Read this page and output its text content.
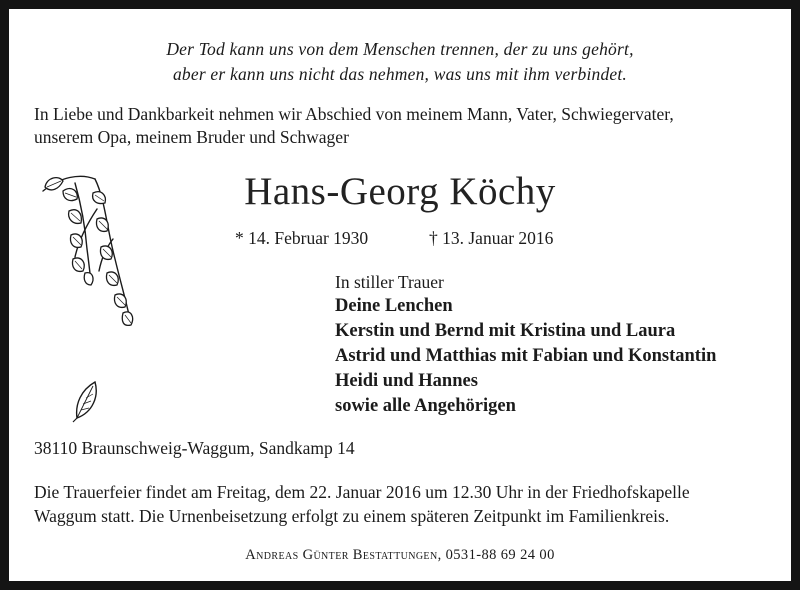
Der Tod kann uns von dem Menschen trennen, der zu uns gehört,
aber er kann uns nicht das nehmen, was uns mit ihm verbindet.
In Liebe und Dankbarkeit nehmen wir Abschied von meinem Mann, Vater, Schwiegervater,
unserem Opa, meinem Bruder und Schwager
Hans-Georg Köchy
* 14. Februar 1930	† 13. Januar 2016
In stiller Trauer
Deine Lenchen
Kerstin und Bernd mit Kristina und Laura
Astrid und Matthias mit Fabian und Konstantin
Heidi und Hannes
sowie alle Angehörigen
38110 Braunschweig-Waggum, Sandkamp 14
Die Trauerfeier findet am Freitag, dem 22. Januar 2016 um 12.30 Uhr in der Friedhofskapelle
Waggum statt. Die Urnenbeisetzung erfolgt zu einem späteren Zeitpunkt im Familienkreis.
Andreas Günter Bestattungen, 0531-88 69 24 00
